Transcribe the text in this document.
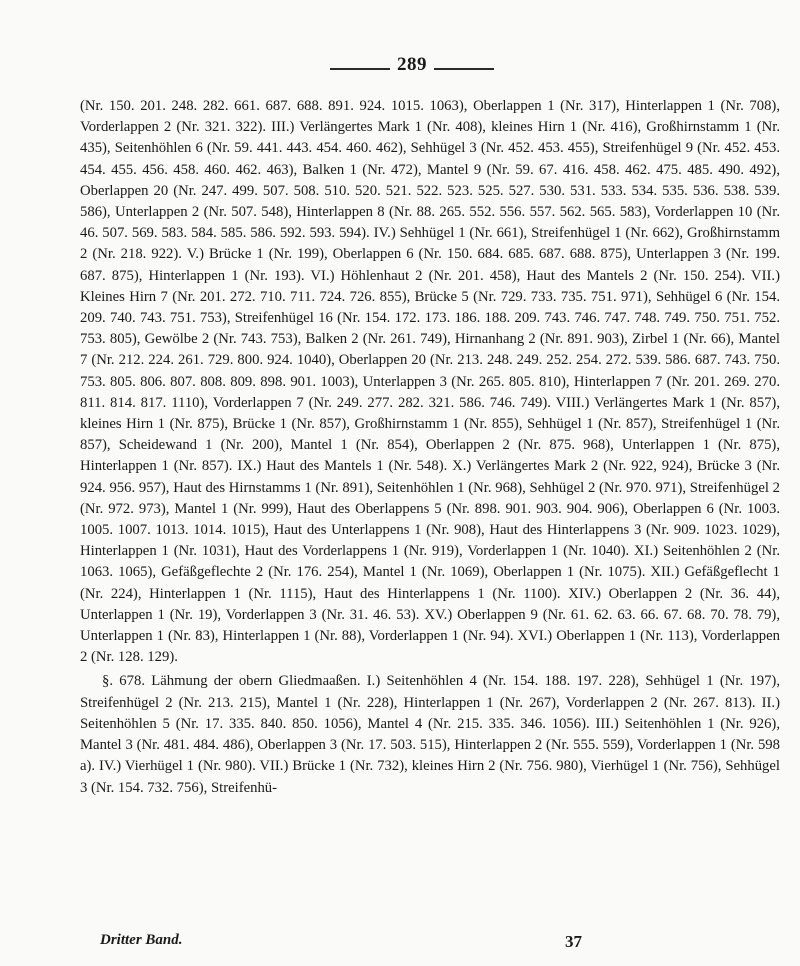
289

(Nr. 150. 201. 248. 282. 661. 687. 688. 891. 924. 1015. 1063), Oberlappen 1 (Nr. 317), Hinterlappen 1 (Nr. 708), Vorderlappen 2 (Nr. 321. 322). III.) Verlängertes Mark 1 (Nr. 408), kleines Hirn 1 (Nr. 416), Großhirnstamm 1 (Nr. 435), Seitenhöhlen 6 (Nr. 59. 441. 443. 454. 460. 462), Sehhügel 3 (Nr. 452. 453. 455), Streifenhügel 9 (Nr. 452. 453. 454. 455. 456. 458. 460. 462. 463), Balken 1 (Nr. 472), Mantel 9 (Nr. 59. 67. 416. 458. 462. 475. 485. 490. 492), Oberlappen 20 (Nr. 247. 499. 507. 508. 510. 520. 521. 522. 523. 525. 527. 530. 531. 533. 534. 535. 536. 538. 539. 586), Unterlappen 2 (Nr. 507. 548), Hinterlappen 8 (Nr. 88. 265. 552. 556. 557. 562. 565. 583), Vorderlappen 10 (Nr. 46. 507. 569. 583. 584. 585. 586. 592. 593. 594). IV.) Sehhügel 1 (Nr. 661), Streifenhügel 1 (Nr. 662), Großhirnstamm 2 (Nr. 218. 922). V.) Brücke 1 (Nr. 199), Oberlappen 6 (Nr. 150. 684. 685. 687. 688. 875), Unterlappen 3 (Nr. 199. 687. 875), Hinterlappen 1 (Nr. 193). VI.) Höhlenhaut 2 (Nr. 201. 458), Haut des Mantels 2 (Nr. 150. 254). VII.) Kleines Hirn 7 (Nr. 201. 272. 710. 711. 724. 726. 855), Brücke 5 (Nr. 729. 733. 735. 751. 971), Sehhügel 6 (Nr. 154. 209. 740. 743. 751. 753), Streifenhügel 16 (Nr. 154. 172. 173. 186. 188. 209. 743. 746. 747. 748. 749. 750. 751. 752. 753. 805), Gewölbe 2 (Nr. 743. 753), Balken 2 (Nr. 261. 749), Hirnanhang 2 (Nr. 891. 903), Zirbel 1 (Nr. 66), Mantel 7 (Nr. 212. 224. 261. 729. 800. 924. 1040), Oberlappen 20 (Nr. 213. 248. 249. 252. 254. 272. 539. 586. 687. 743. 750. 753. 805. 806. 807. 808. 809. 898. 901. 1003), Unterlappen 3 (Nr. 265. 805. 810), Hinterlappen 7 (Nr. 201. 269. 270. 811. 814. 817. 1110), Vorderlappen 7 (Nr. 249. 277. 282. 321. 586. 746. 749). VIII.) Verlängertes Mark 1 (Nr. 857), kleines Hirn 1 (Nr. 875), Brücke 1 (Nr. 857), Großhirnstamm 1 (Nr. 855), Sehhügel 1 (Nr. 857), Streifenhügel 1 (Nr. 857), Scheidewand 1 (Nr. 200), Mantel 1 (Nr. 854), Oberlappen 2 (Nr. 875. 968), Unterlappen 1 (Nr. 875), Hinterlappen 1 (Nr. 857). IX.) Haut des Mantels 1 (Nr. 548). X.) Verlängertes Mark 2 (Nr. 922, 924), Brücke 3 (Nr. 924. 956. 957), Haut des Hirnstamms 1 (Nr. 891), Seitenhöhlen 1 (Nr. 968), Sehhügel 2 (Nr. 970. 971), Streifenhügel 2 (Nr. 972. 973), Mantel 1 (Nr. 999), Haut des Oberlappens 5 (Nr. 898. 901. 903. 904. 906), Oberlappen 6 (Nr. 1003. 1005. 1007. 1013. 1014. 1015), Haut des Unterlappens 1 (Nr. 908), Haut des Hinterlappens 3 (Nr. 909. 1023. 1029), Hinterlappen 1 (Nr. 1031), Haut des Vorderlappens 1 (Nr. 919), Vorderlappen 1 (Nr. 1040). XI.) Seitenhöhlen 2 (Nr. 1063. 1065), Gefäßgeflechte 2 (Nr. 176. 254), Mantel 1 (Nr. 1069), Oberlappen 1 (Nr. 1075). XII.) Gefäßgeflecht 1 (Nr. 224), Hinterlappen 1 (Nr. 1115), Haut des Hinterlappens 1 (Nr. 1100). XIV.) Oberlappen 2 (Nr. 36. 44), Unterlappen 1 (Nr. 19), Vorderlappen 3 (Nr. 31. 46. 53). XV.) Oberlappen 9 (Nr. 61. 62. 63. 66. 67. 68. 70. 78. 79), Unterlappen 1 (Nr. 83), Hinterlappen 1 (Nr. 88), Vorderlappen 1 (Nr. 94). XVI.) Oberlappen 1 (Nr. 113), Vorderlappen 2 (Nr. 128. 129).

§. 678. Lähmung der obern Gliedmaaßen. I.) Seitenhöhlen 4 (Nr. 154. 188. 197. 228), Sehhügel 1 (Nr. 197), Streifenhügel 2 (Nr. 213. 215), Mantel 1 (Nr. 228), Hinterlappen 1 (Nr. 267), Vorderlappen 2 (Nr. 267. 813). II.) Seitenhöhlen 5 (Nr. 17. 335. 840. 850. 1056), Mantel 4 (Nr. 215. 335. 346. 1056). III.) Seitenhöhlen 1 (Nr. 926), Mantel 3 (Nr. 481. 484. 486), Oberlappen 3 (Nr. 17. 503. 515), Hinterlappen 2 (Nr. 555. 559), Vorderlappen 1 (Nr. 598 a). IV.) Vierhügel 1 (Nr. 980). VII.) Brücke 1 (Nr. 732), kleines Hirn 2 (Nr. 756. 980), Vierhügel 1 (Nr. 756), Sehhügel 3 (Nr. 154. 732. 756), Streifenhü-

Dritter Band.	37
